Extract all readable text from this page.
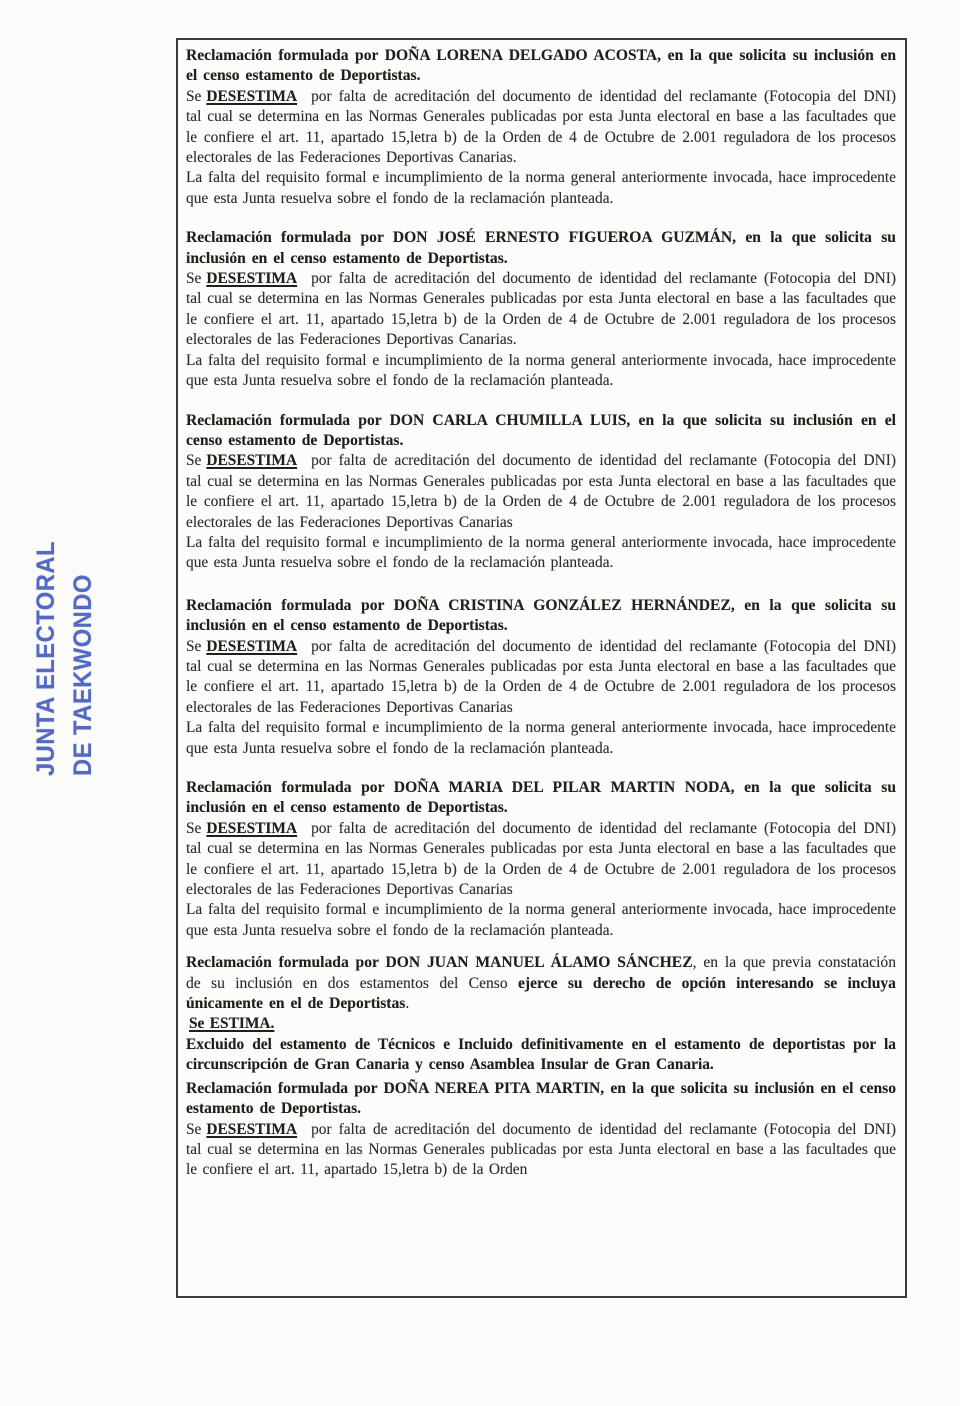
JUNTA ELECTORAL DE TAEKWONDO
Reclamación formulada por DOÑA LORENA DELGADO ACOSTA, en la que solicita su inclusión en el censo estamento de Deportistas.

Se DESESTIMA por falta de acreditación del documento de identidad del reclamante (Fotocopia del DNI) tal cual se determina en las Normas Generales publicadas por esta Junta electoral en base a las facultades que le confiere el art. 11, apartado 15,letra b) de la Orden de 4 de Octubre de 2.001 reguladora de los procesos electorales de las Federaciones Deportivas Canarias.

La falta del requisito formal e incumplimiento de la norma general anteriormente invocada, hace improcedente que esta Junta resuelva sobre el fondo de la reclamación planteada.

Reclamación formulada por DON JOSÉ ERNESTO FIGUEROA GUZMÁN, en la que solicita su inclusión en el censo estamento de Deportistas.

Se DESESTIMA por falta de acreditación del documento de identidad del reclamante (Fotocopia del DNI) tal cual se determina en las Normas Generales publicadas por esta Junta electoral en base a las facultades que le confiere el art. 11, apartado 15,letra b) de la Orden de 4 de Octubre de 2.001 reguladora de los procesos electorales de las Federaciones Deportivas Canarias.

La falta del requisito formal e incumplimiento de la norma general anteriormente invocada, hace improcedente que esta Junta resuelva sobre el fondo de la reclamación planteada.

Reclamación formulada por DON CARLA CHUMILLA LUIS, en la que solicita su inclusión en el censo estamento de Deportistas.

Se DESESTIMA por falta de acreditación del documento de identidad del reclamante (Fotocopia del DNI) tal cual se determina en las Normas Generales publicadas por esta Junta electoral en base a las facultades que le confiere el art. 11, apartado 15,letra b) de la Orden de 4 de Octubre de 2.001 reguladora de los procesos electorales de las Federaciones Deportivas Canarias

La falta del requisito formal e incumplimiento de la norma general anteriormente invocada, hace improcedente que esta Junta resuelva sobre el fondo de la reclamación planteada.

Reclamación formulada por DOÑA CRISTINA GONZÁLEZ HERNÁNDEZ, en la que solicita su inclusión en el censo estamento de Deportistas.

Se DESESTIMA por falta de acreditación del documento de identidad del reclamante (Fotocopia del DNI) tal cual se determina en las Normas Generales publicadas por esta Junta electoral en base a las facultades que le confiere el art. 11, apartado 15,letra b) de la Orden de 4 de Octubre de 2.001 reguladora de los procesos electorales de las Federaciones Deportivas Canarias

La falta del requisito formal e incumplimiento de la norma general anteriormente invocada, hace improcedente que esta Junta resuelva sobre el fondo de la reclamación planteada.

Reclamación formulada por DOÑA MARIA DEL PILAR MARTIN NODA, en la que solicita su inclusión en el censo estamento de Deportistas.

Se DESESTIMA por falta de acreditación del documento de identidad del reclamante (Fotocopia del DNI) tal cual se determina en las Normas Generales publicadas por esta Junta electoral en base a las facultades que le confiere el art. 11, apartado 15,letra b) de la Orden de 4 de Octubre de 2.001 reguladora de los procesos electorales de las Federaciones Deportivas Canarias

La falta del requisito formal e incumplimiento de la norma general anteriormente invocada, hace improcedente que esta Junta resuelva sobre el fondo de la reclamación planteada.

Reclamación formulada por DON JUAN MANUEL ÁLAMO SÁNCHEZ, en la que previa constatación de su inclusión en dos estamentos del Censo ejerce su derecho de opción interesando se incluya únicamente en el de Deportistas.

Se ESTIMA.

Excluido del estamento de Técnicos e Incluido definitivamente en el estamento de deportistas por la circunscripción de Gran Canaria y censo Asamblea Insular de Gran Canaria.

Reclamación formulada por DOÑA NEREA PITA MARTIN, en la que solicita su inclusión en el censo estamento de Deportistas.

Se DESESTIMA por falta de acreditación del documento de identidad del reclamante (Fotocopia del DNI) tal cual se determina en las Normas Generales publicadas por esta Junta electoral en base a las facultades que le confiere el art. 11, apartado 15,letra b) de la Orden
